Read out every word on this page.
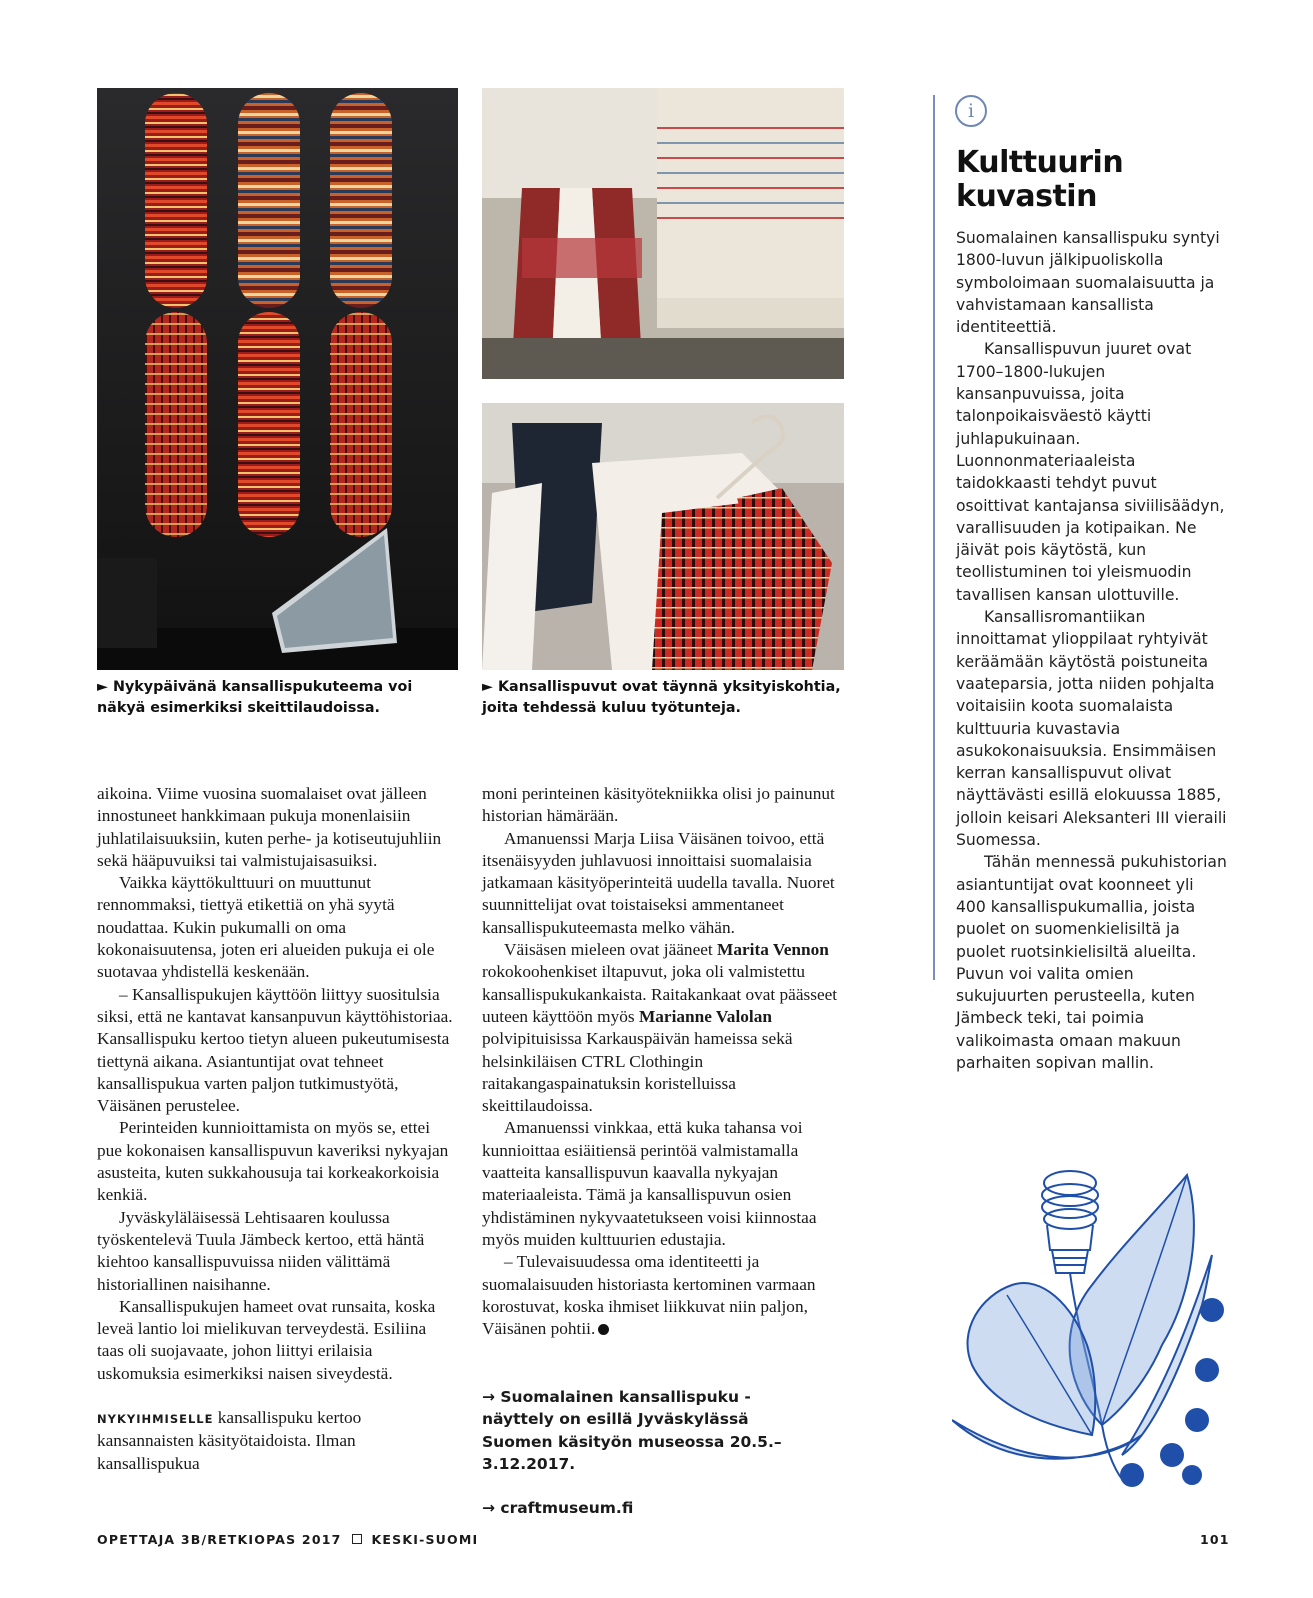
► Nykypäivänä kansallispukuteema voi näkyä esimerkiksi skeittilaudoissa.
► Kansallispuvut ovat täynnä yksityiskohtia, joita tehdessä kuluu työtunteja.

aikoina. Viime vuosina suomalaiset ovat jälleen innostuneet hankkimaan pukuja monenlaisiin juhlatilaisuuksiin, kuten perhe- ja kotiseutujuhliin sekä hääpuvuiksi tai valmistujaisasuiksi.

Vaikka käyttökulttuuri on muuttunut rennommaksi, tiettyä etikettiä on yhä syytä noudattaa. Kukin pukumalli on oma kokonaisuutensa, joten eri alueiden pukuja ei ole suotavaa yhdistellä keskenään.

– Kansallispukujen käyttöön liittyy suositulsia siksi, että ne kantavat kansanpuvun käyttöhistoriaa. Kansallispuku kertoo tietyn alueen pukeutumisesta tiettynä aikana. Asiantuntijat ovat tehneet kansallispukua varten paljon tutkimustyötä, Väisänen perustelee.

Perinteiden kunnioittamista on myös se, ettei pue kokonaisen kansallispuvun kaveriksi nykyajan asusteita, kuten sukkahousuja tai korkeakorkoisia kenkiä.

Jyväskyläläisessä Lehtisaaren koulussa työskentelevä Tuula Jämbeck kertoo, että häntä kiehtoo kansallispuvuissa niiden välittämä historiallinen naisihanne.

Kansallispukujen hameet ovat runsaita, koska leveä lantio loi mielikuvan terveydestä. Esiliina taas oli suojavaate, johon liittyi erilaisia uskomuksia esimerkiksi naisen siveydestä.

NYKYIHMISELLE kansallispuku kertoo kansannaisten käsityötaidoista. Ilman kansallispukua

moni perinteinen käsityötekniikka olisi jo painunut historian hämärään.

Amanuenssi Marja Liisa Väisänen toivoo, että itsenäisyyden juhlavuosi innoittaisi suomalaisia jatkamaan käsityöperinteitä uudella tavalla. Nuoret suunnittelijat ovat toistaiseksi ammentaneet kansallispukuteemasta melko vähän.

Väisäsen mieleen ovat jääneet Marita Vennon rokokoohenkiset iltapuvut, joka oli valmistettu kansallispukukankaista. Raitakankaat ovat päässeet uuteen käyttöön myös Marianne Valolan polvipituisissa Karkauspäivän hameissa sekä helsinkiläisen CTRL Clothingin raitakangaspainatuksin koristelluissa skeittilaudoissa.

Amanuenssi vinkkaa, että kuka tahansa voi kunnioittaa esiäitiensä perintöä valmistamalla vaatteita kansallispuvun kaavalla nykyajan materiaaleista. Tämä ja kansallispuvun osien yhdistäminen nykyvaatetukseen voisi kiinnostaa myös muiden kulttuurien edustajia.

– Tulevaisuudessa oma identiteetti ja suomalaisuuden historiasta kertominen varmaan korostuvat, koska ihmiset liikkuvat niin paljon, Väisänen pohtii.

→ Suomalainen kansallispuku -näyttely on esillä Jyväskylässä Suomen käsityön museossa 20.5.– 3.12.2017.

→ craftmuseum.fi

i
Kulttuurin
kuvastin

Suomalainen kansallispuku syntyi 1800-luvun jälkipuoliskolla symboloimaan suomalaisuutta ja vahvistamaan kansallista identiteettiä.

Kansallispuvun juuret ovat 1700–1800-lukujen kansanpuvuissa, joita talonpoikaisväestö käytti juhlapukuinaan. Luonnonmateriaaleista taidokkaasti tehdyt puvut osoittivat kantajansa siviilisäädyn, varallisuuden ja kotipaikan. Ne jäivät pois käytöstä, kun teollistuminen toi yleismuodin tavallisen kansan ulottuville.

Kansallisromantiikan innoittamat ylioppilaat ryhtyivät keräämään käytöstä poistuneita vaateparsia, jotta niiden pohjalta voitaisiin koota suomalaista kulttuuria kuvastavia asukokonaisuuksia. Ensimmäisen kerran kansallispuvut olivat näyttävästi esillä elokuussa 1885, jolloin keisari Aleksanteri III vieraili Suomessa.

Tähän mennessä pukuhistorian asiantuntijat ovat koonneet yli 400 kansallispukumallia, joista puolet on suomenkielisiltä ja puolet ruotsinkielisiltä alueilta. Puvun voi valita omien sukujuurten perusteella, kuten Jämbeck teki, tai poimia valikoimasta omaan makuun parhaiten sopivan mallin.

OPETTAJA 3B/RETKIOPAS 2017 KESKI-SUOMI	101
